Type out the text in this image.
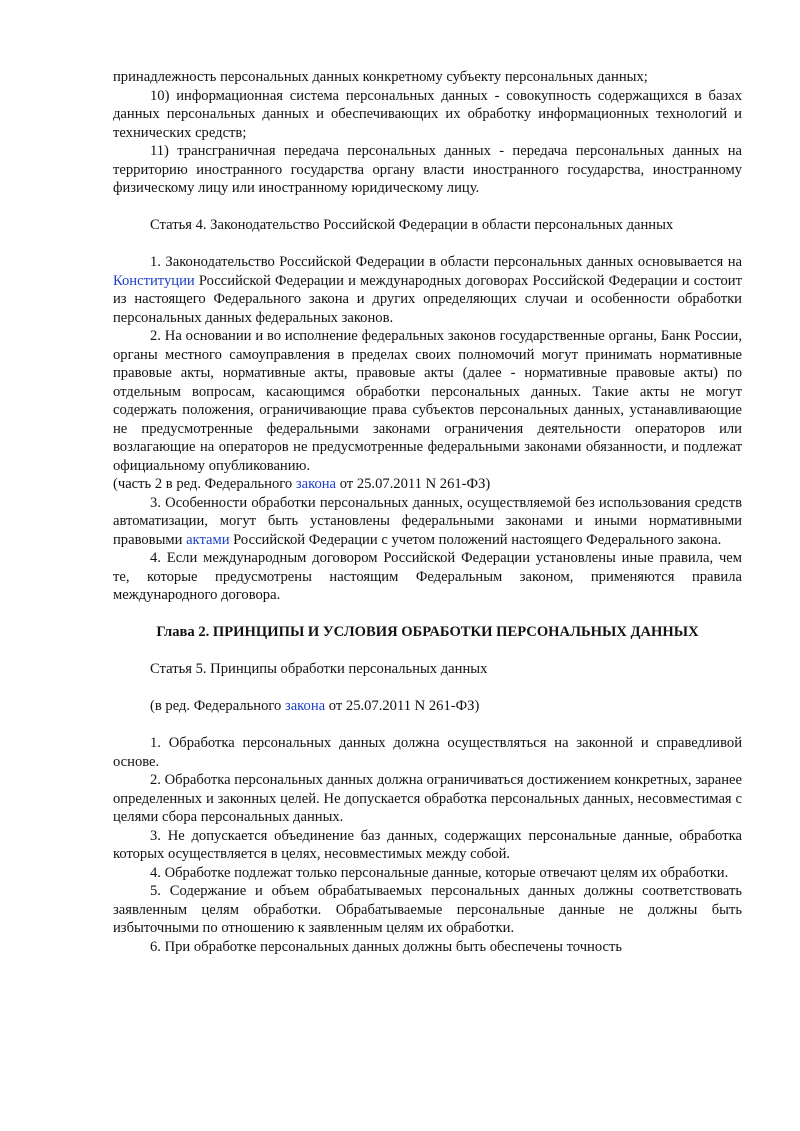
принадлежность персональных данных конкретному субъекту персональных данных;

10) информационная система персональных данных - совокупность содержащихся в базах данных персональных данных и обеспечивающих их обработку информационных технологий и технических средств;

11) трансграничная передача персональных данных - передача персональных данных на территорию иностранного государства органу власти иностранного государства, иностранному физическому лицу или иностранному юридическому лицу.

Статья 4. Законодательство Российской Федерации в области персональных данных

1. Законодательство Российской Федерации в области персональных данных основывается на Конституции Российской Федерации и международных договорах Российской Федерации и состоит из настоящего Федерального закона и других определяющих случаи и особенности обработки персональных данных федеральных законов.

2. На основании и во исполнение федеральных законов государственные органы, Банк России, органы местного самоуправления в пределах своих полномочий могут принимать нормативные правовые акты, нормативные акты, правовые акты (далее - нормативные правовые акты) по отдельным вопросам, касающимся обработки персональных данных. Такие акты не могут содержать положения, ограничивающие права субъектов персональных данных, устанавливающие не предусмотренные федеральными законами ограничения деятельности операторов или возлагающие на операторов не предусмотренные федеральными законами обязанности, и подлежат официальному опубликованию.

(часть 2 в ред. Федерального закона от 25.07.2011 N 261-ФЗ)

3. Особенности обработки персональных данных, осуществляемой без использования средств автоматизации, могут быть установлены федеральными законами и иными нормативными правовыми актами Российской Федерации с учетом положений настоящего Федерального закона.

4. Если международным договором Российской Федерации установлены иные правила, чем те, которые предусмотрены настоящим Федеральным законом, применяются правила международного договора.

Глава 2. ПРИНЦИПЫ И УСЛОВИЯ ОБРАБОТКИ ПЕРСОНАЛЬНЫХ ДАННЫХ

Статья 5. Принципы обработки персональных данных

(в ред. Федерального закона от 25.07.2011 N 261-ФЗ)

1. Обработка персональных данных должна осуществляться на законной и справедливой основе.

2. Обработка персональных данных должна ограничиваться достижением конкретных, заранее определенных и законных целей. Не допускается обработка персональных данных, несовместимая с целями сбора персональных данных.

3. Не допускается объединение баз данных, содержащих персональные данные, обработка которых осуществляется в целях, несовместимых между собой.

4. Обработке подлежат только персональные данные, которые отвечают целям их обработки.

5. Содержание и объем обрабатываемых персональных данных должны соответствовать заявленным целям обработки. Обрабатываемые персональные данные не должны быть избыточными по отношению к заявленным целям их обработки.

6. При обработке персональных данных должны быть обеспечены точность
